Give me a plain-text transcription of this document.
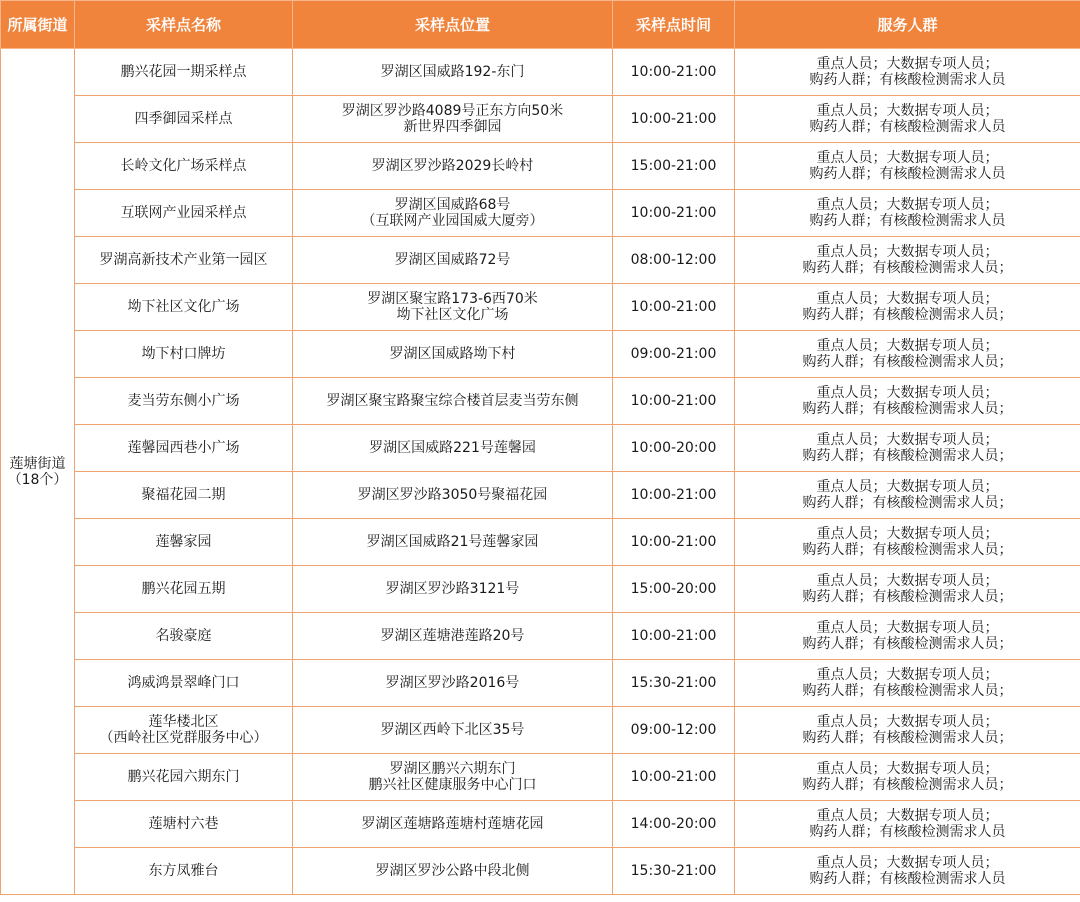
所属街道	采样点名称	采样点位置	采样点时间	服务人群

莲塘街道
（18个）	鹏兴花园一期采样点	罗湖区国威路192-东门	10:00-21:00	重点人员；大数据专项人员；
购药人群；有核酸检测需求人员

	四季御园采样点	罗湖区罗沙路4089号正东方向50米
新世界四季御园	10:00-21:00	重点人员；大数据专项人员；
购药人群；有核酸检测需求人员

	长岭文化广场采样点	罗湖区罗沙路2029长岭村	15:00-21:00	重点人员；大数据专项人员；
购药人群；有核酸检测需求人员

	互联网产业园采样点	罗湖区国威路68号
（互联网产业园国威大厦旁）	10:00-21:00	重点人员；大数据专项人员；
购药人群；有核酸检测需求人员

	罗湖高新技术产业第一园区	罗湖区国威路72号	08:00-12:00	重点人员；大数据专项人员；
购药人群；有核酸检测需求人员；

	坳下社区文化广场	罗湖区聚宝路173-6西70米
坳下社区文化广场	10:00-21:00	重点人员；大数据专项人员；
购药人群；有核酸检测需求人员；

	坳下村口牌坊	罗湖区国威路坳下村	09:00-21:00	重点人员；大数据专项人员；
购药人群；有核酸检测需求人员；

	麦当劳东侧小广场	罗湖区聚宝路聚宝综合楼首层麦当劳东侧	10:00-21:00	重点人员；大数据专项人员；
购药人群；有核酸检测需求人员；

	莲馨园西巷小广场	罗湖区国威路221号莲馨园	10:00-20:00	重点人员；大数据专项人员；
购药人群；有核酸检测需求人员；

	聚福花园二期	罗湖区罗沙路3050号聚福花园	10:00-21:00	重点人员；大数据专项人员；
购药人群；有核酸检测需求人员；

	莲馨家园	罗湖区国威路21号莲馨家园	10:00-21:00	重点人员；大数据专项人员；
购药人群；有核酸检测需求人员；

	鹏兴花园五期	罗湖区罗沙路3121号	15:00-20:00	重点人员；大数据专项人员；
购药人群；有核酸检测需求人员；

	名骏豪庭	罗湖区莲塘港莲路20号	10:00-21:00	重点人员；大数据专项人员；
购药人群；有核酸检测需求人员；

	鸿威鸿景翠峰门口	罗湖区罗沙路2016号	15:30-21:00	重点人员；大数据专项人员；
购药人群；有核酸检测需求人员；

	莲华楼北区
（西岭社区党群服务中心）	罗湖区西岭下北区35号	09:00-12:00	重点人员；大数据专项人员；
购药人群；有核酸检测需求人员；

	鹏兴花园六期东门	罗湖区鹏兴六期东门
鹏兴社区健康服务中心门口	10:00-21:00	重点人员；大数据专项人员；
购药人群；有核酸检测需求人员；

	莲塘村六巷	罗湖区莲塘路莲塘村莲塘花园	14:00-20:00	重点人员；大数据专项人员；
购药人群；有核酸检测需求人员

	东方凤雅台	罗湖区罗沙公路中段北侧	15:30-21:00	重点人员；大数据专项人员；
购药人群；有核酸检测需求人员
